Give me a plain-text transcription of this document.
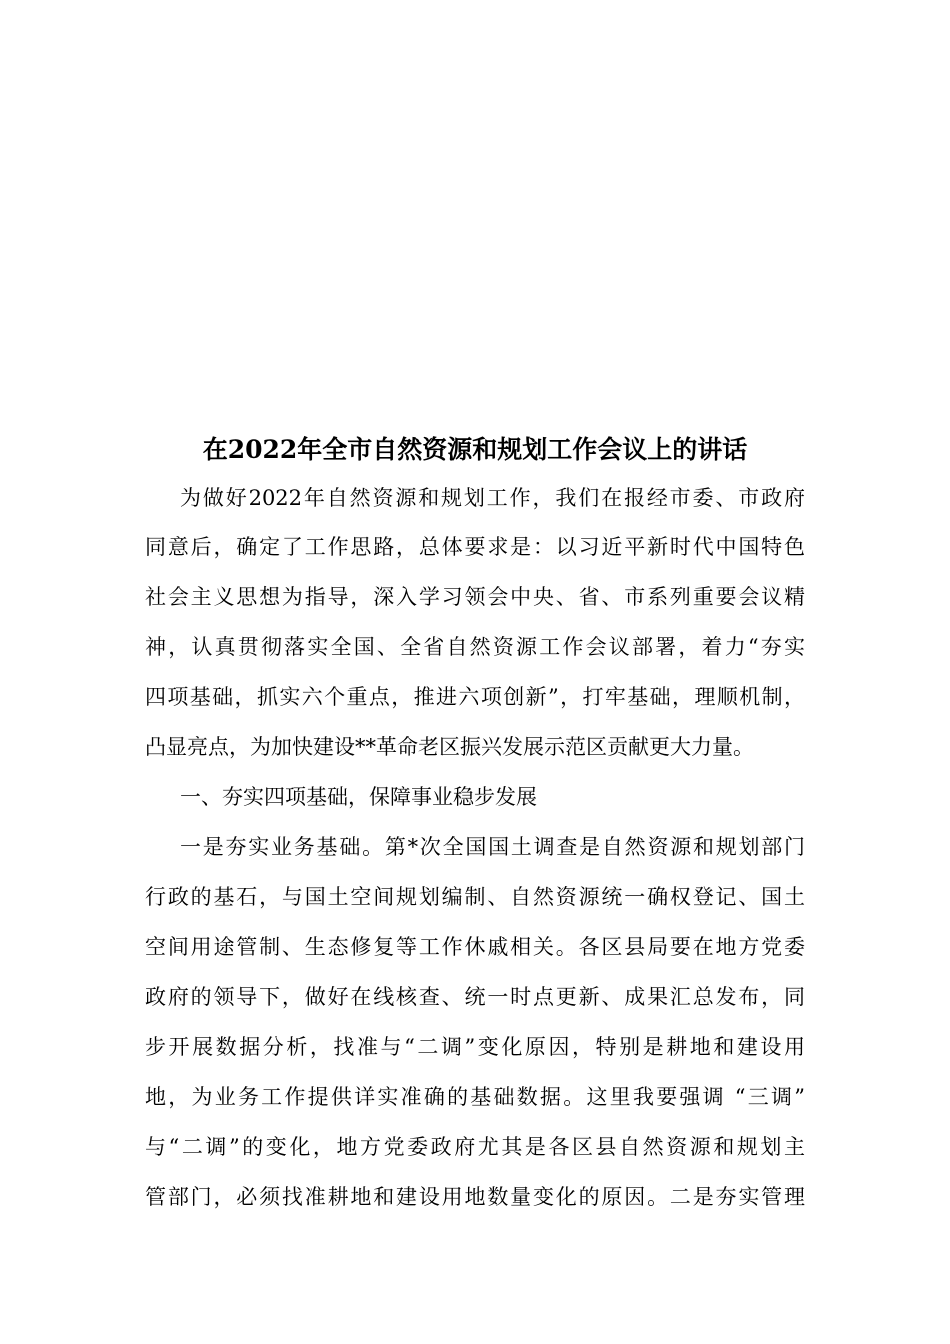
在2022年全市自然资源和规划工作会议上的讲话
为做好2022年自然资源和规划工作，我们在报经市委、市政府
同意后，确定了工作思路，总体要求是：以习近平新时代中国特色
社会主义思想为指导，深入学习领会中央、省、市系列重要会议精
神，认真贯彻落实全国、全省自然资源工作会议部署，着力“夯实
四项基础，抓实六个重点，推进六项创新”，打牢基础，理顺机制，
凸显亮点，为加快建设**革命老区振兴发展示范区贡献更大力量。
一、夯实四项基础，保障事业稳步发展
一是夯实业务基础。第*次全国国土调查是自然资源和规划部门
行政的基石，与国土空间规划编制、自然资源统一确权登记、国土
空间用途管制、生态修复等工作休戚相关。各区县局要在地方党委
政府的领导下，做好在线核查、统一时点更新、成果汇总发布，同
步开展数据分析，找准与“二调”变化原因，特别是耕地和建设用
地，为业务工作提供详实准确的基础数据。这里我要强调 “三调”
与“二调”的变化，地方党委政府尤其是各区县自然资源和规划主
管部门，必须找准耕地和建设用地数量变化的原因。二是夯实管理
